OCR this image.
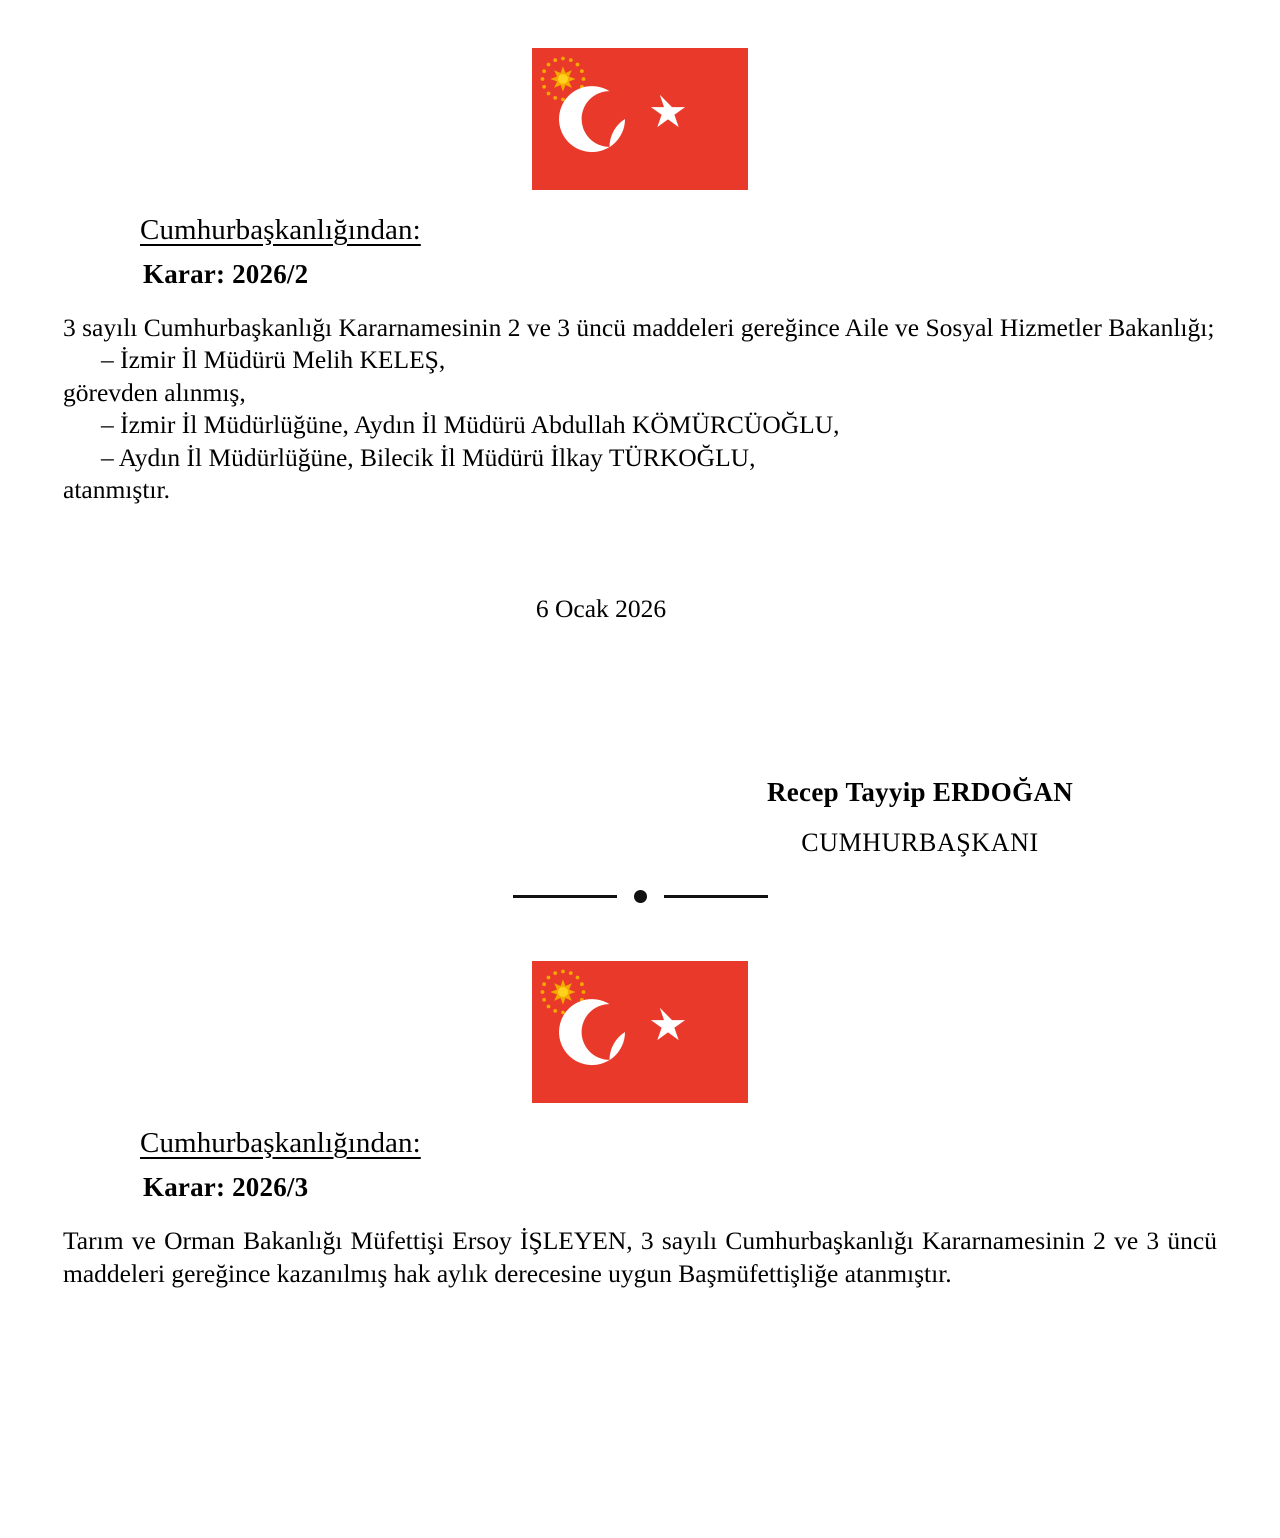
Cumhurbaşkanlığından:
Karar: 2026/2

3 sayılı Cumhurbaşkanlığı Kararnamesinin 2 ve 3 üncü maddeleri gereğince Aile ve Sosyal Hizmetler Bakanlığı;

– İzmir İl Müdürü Melih KELEŞ,

görevden alınmış,

– İzmir İl Müdürlüğüne, Aydın İl Müdürü Abdullah KÖMÜRCÜOĞLU,

– Aydın İl Müdürlüğüne, Bilecik İl Müdürü İlkay TÜRKOĞLU,

atanmıştır.

6 Ocak 2026

Recep Tayyip ERDOĞAN

CUMHURBAŞKANI

Cumhurbaşkanlığından:
Karar: 2026/3

Tarım ve Orman Bakanlığı Müfettişi Ersoy İŞLEYEN, 3 sayılı Cumhurbaşkanlığı Kararnamesinin 2 ve 3 üncü maddeleri gereğince kazanılmış hak aylık derecesine uygun Başmüfettişliğe atanmıştır.
